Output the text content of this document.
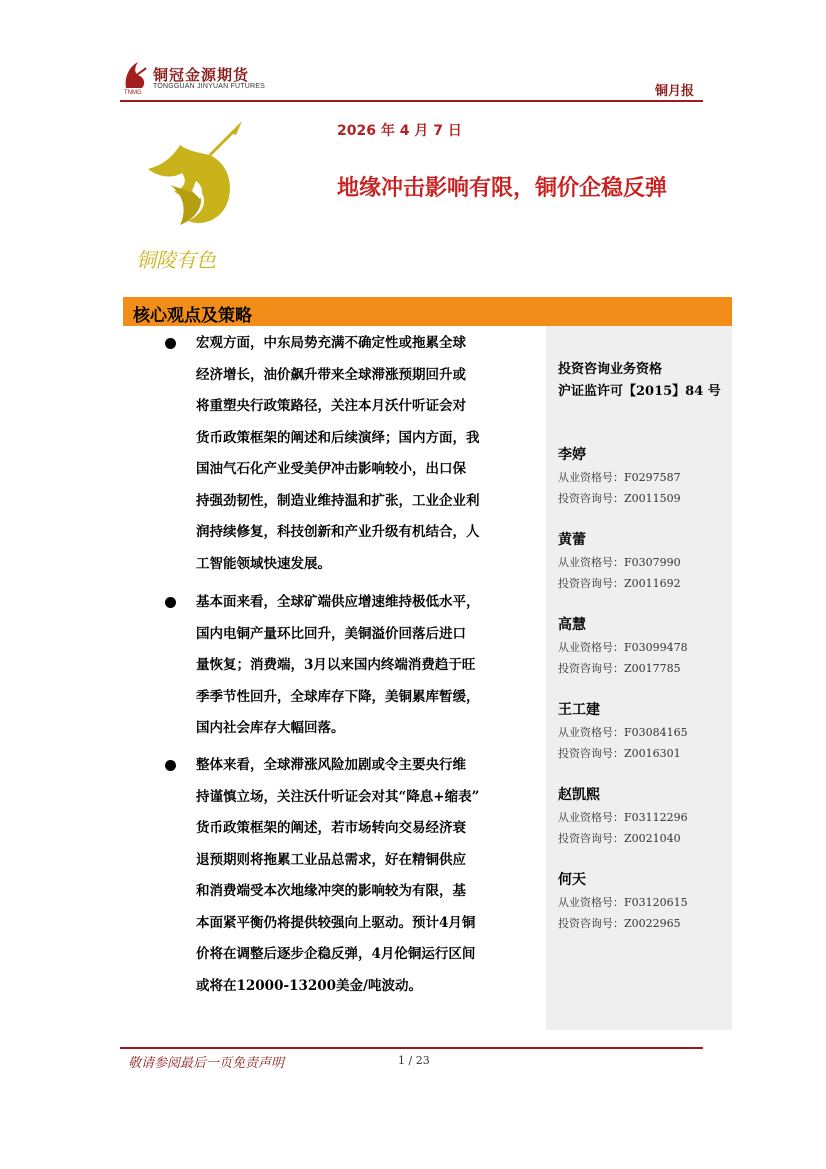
铜冠金源期货
TONGGUAN JINYUAN FUTURES
TNMG	铜月报
铜陵有色
2026 年 4 月 7 日
地缘冲击影响有限，铜价企稳反弹
核心观点及策略
投资咨询业务资格
沪证监许可【2015】84 号
李婷
从业资格号：F0297587
投资咨询号：Z0011509
黄蕾
从业资格号：F0307990
投资咨询号：Z0011692
高慧
从业资格号：F03099478
投资咨询号：Z0017785
王工建
从业资格号：F03084165
投资咨询号：Z0016301
赵凯熙
从业资格号：F03112296
投资咨询号：Z0021040
何天
从业资格号：F03120615
投资咨询号：Z0022965
宏观方面，中东局势充满不确定性或拖累全球
经济增长，油价飙升带来全球滞涨预期回升或
将重塑央行政策路径，关注本月沃什听证会对
货币政策框架的阐述和后续演绎；国内方面，我
国油气石化产业受美伊冲击影响较小，出口保
持强劲韧性，制造业维持温和扩张，工业企业利
润持续修复，科技创新和产业升级有机结合，人
工智能领域快速发展。
基本面来看，全球矿端供应增速维持极低水平，
国内电铜产量环比回升，美铜溢价回落后进口
量恢复；消费端，3月以来国内终端消费趋于旺
季季节性回升，全球库存下降，美铜累库暂缓，
国内社会库存大幅回落。
整体来看，全球滞涨风险加剧或令主要央行维
持谨慎立场，关注沃什听证会对其“降息+缩表”
货币政策框架的阐述，若市场转向交易经济衰
退预期则将拖累工业品总需求，好在精铜供应
和消费端受本次地缘冲突的影响较为有限，基
本面紧平衡仍将提供较强向上驱动。预计4月铜
价将在调整后逐步企稳反弹，4月伦铜运行区间
或将在12000-13200美金/吨波动。
敬请参阅最后一页免责声明	1 / 23
